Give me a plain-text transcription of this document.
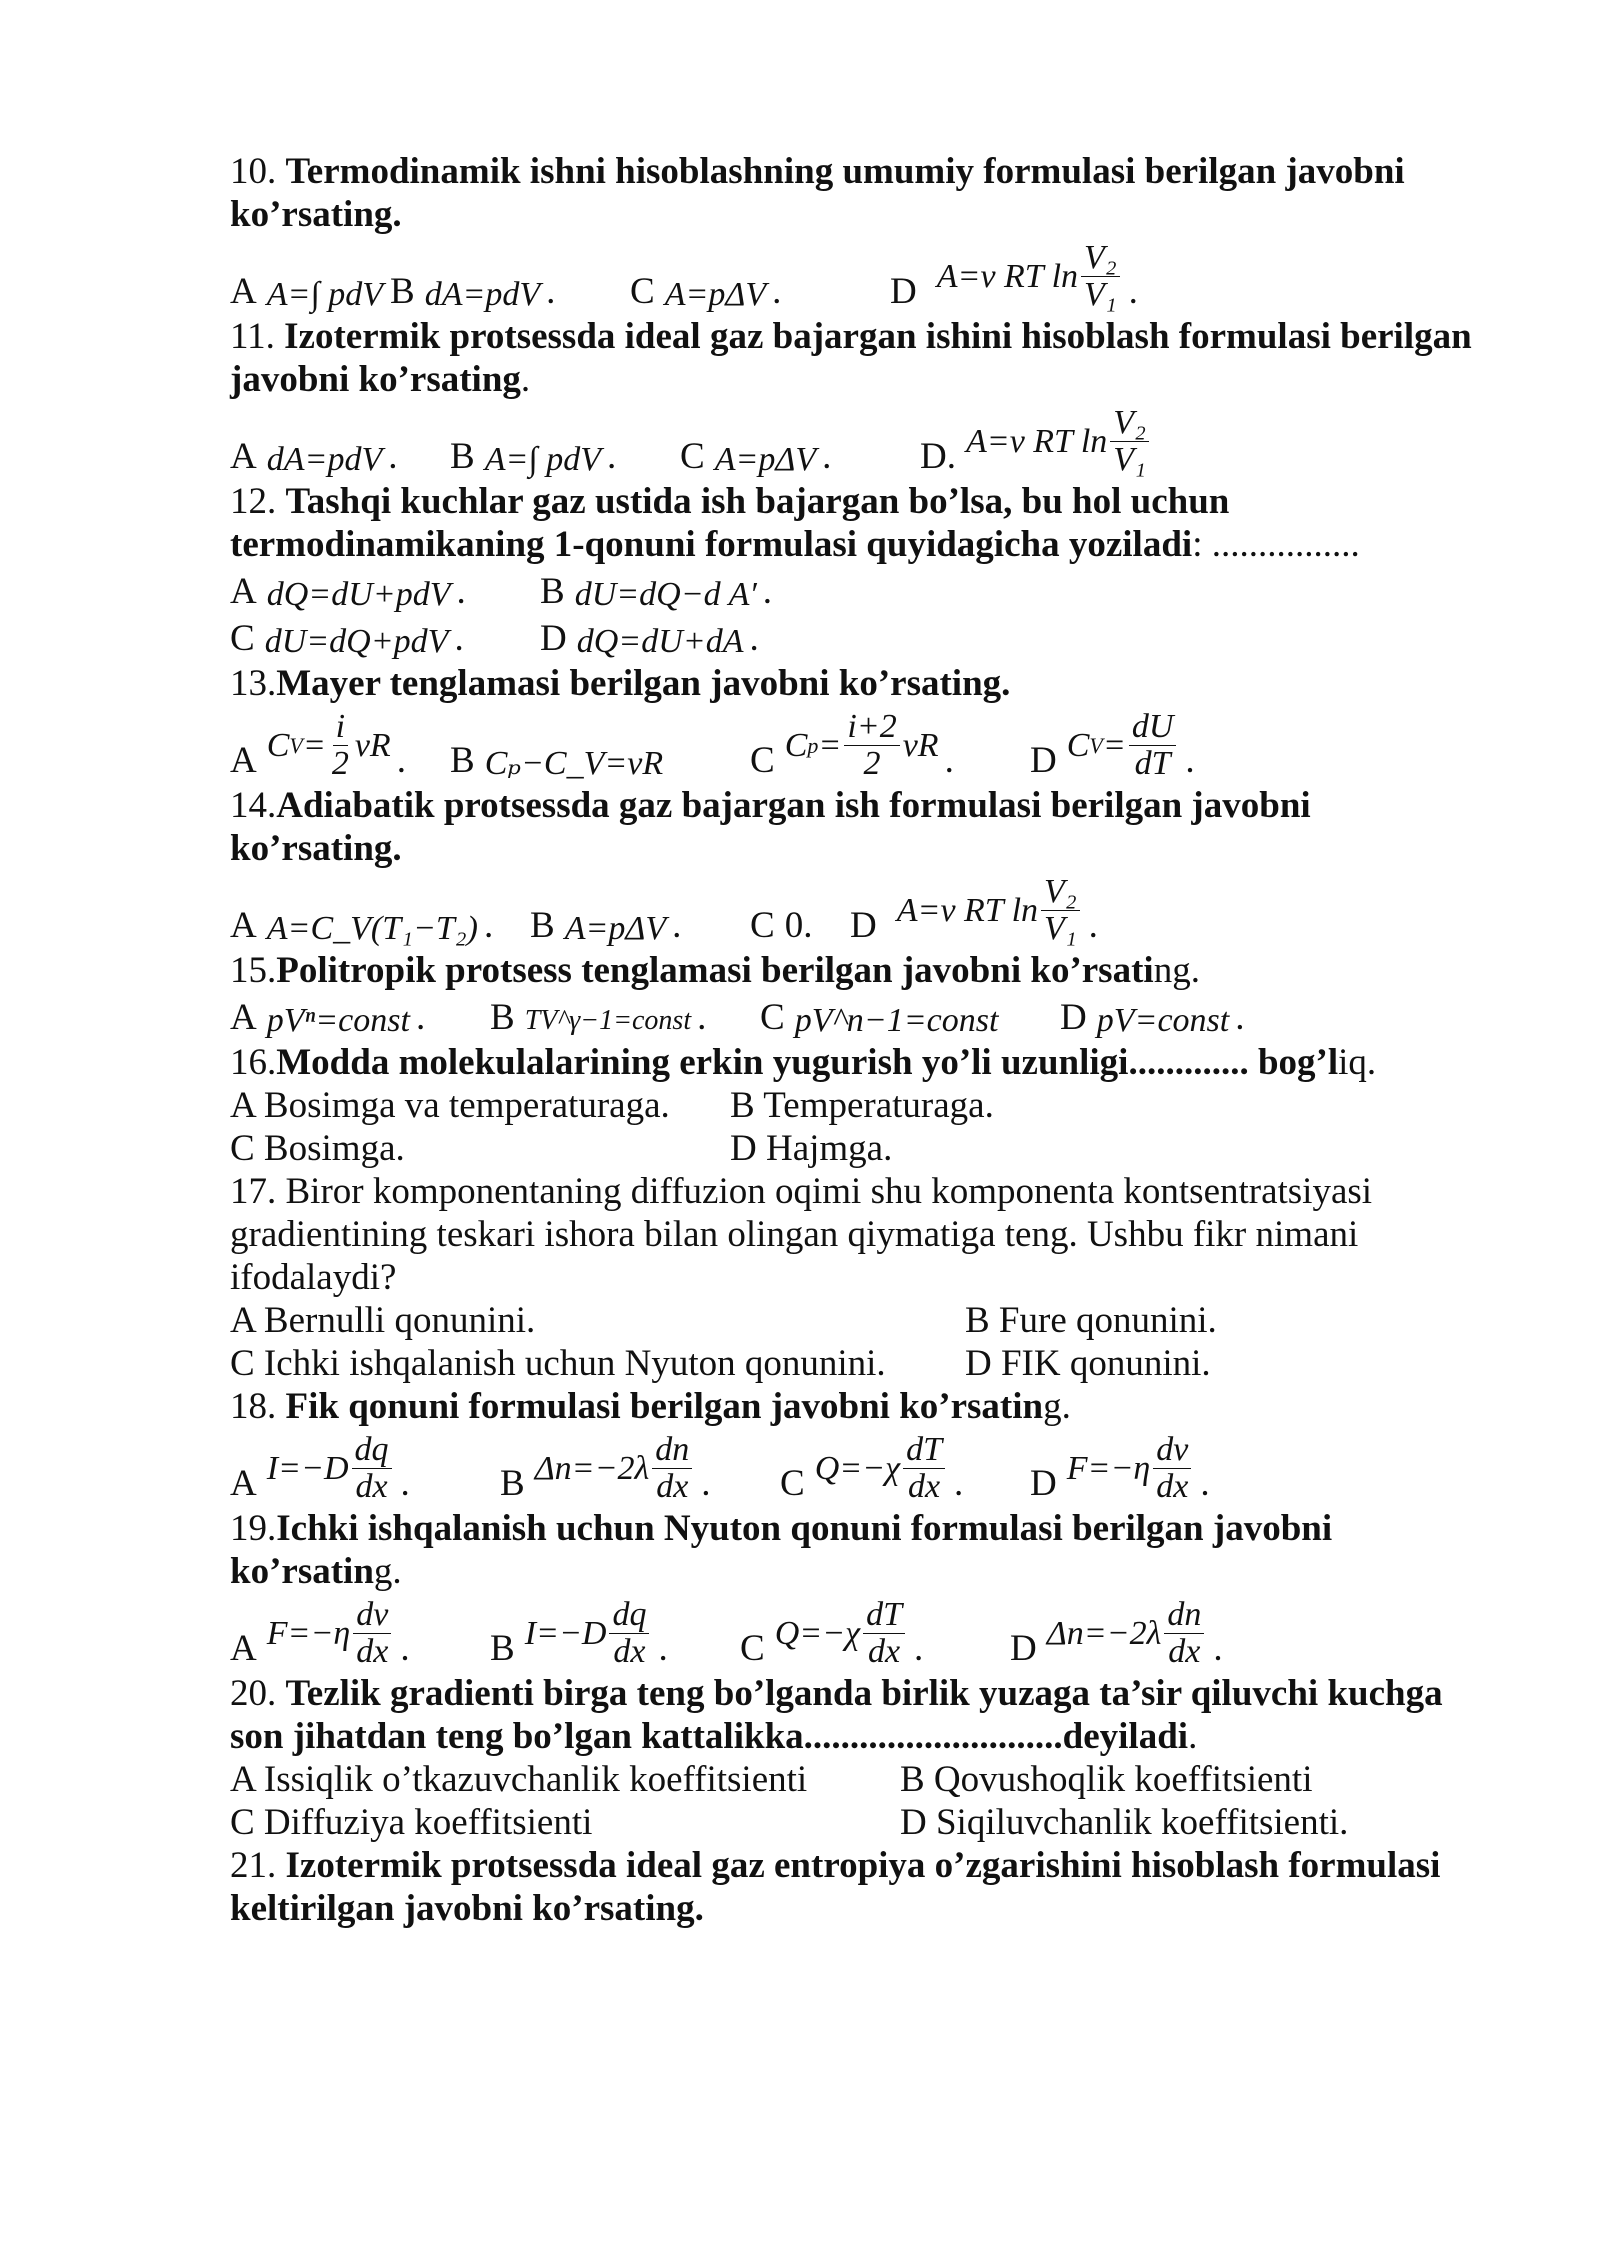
10. Termodinamik ishni hisoblashning umumiy formulasi berilgan javobni ko’rsating.

A A=∫ pdV B dA=pdV . C A=pΔV .	D A=ν RT $\ln \frac{\text{V₂}}{\text{V₁}}$ .

11. Izotermik protsessda ideal gaz bajargan ishini hisoblash formulasi berilgan javobni ko’rsating.

A dA=pdV . B A=∫ pdV . C A=pΔV . D. A=ν RT $\ln \frac{\text{V₂}}{\text{V₁}}$

12. Tashqi kuchlar gaz ustida ish bajargan bo’lsa, bu hol uchun termodinamikaning 1-qonuni formulasi quyidagicha yoziladi: ................

A dQ=dU+pdV . B dU=dQ−d A′ .
C dU=dQ+pdV . D dQ=dU+dA .

13.Mayer tenglamasi berilgan javobni ko’rsating.

A C $V = \frac{i}{2}$ νR . B Cₚ−C_V=νR C C $p = \frac{i+2}{2}$ νR . D C $V = \frac{dU}{dT}$ .

14.Adiabatik protsessda gaz bajargan ish formulasi berilgan javobni ko’rsating.

A A=C_V(T₁−T₂) . B A=pΔV . C 0. D A=ν RT $\ln \frac{\text{V₂}}{\text{V₁}}$ .

15.Politropik protsess tenglamasi berilgan javobni ko’rsating.

A pVⁿ=const . B TV^γ−1=const . C pV^n−1=const D pV=const .

16.Modda molekulalarining erkin yugurish yo’li uzunligi............. bog’liq.

A Bosimga va temperaturaga.	B Temperaturaga.
C Bosimga.	D Hajmga.

17. Biror komponentaning diffuzion oqimi shu komponenta kontsentratsiyasi

gradientining teskari ishora bilan olingan qiymatiga teng. Ushbu fikr nimani

ifodalaydi?

A Bernulli qonunini.	B Fure qonunini.
C Ichki ishqalanish uchun Nyuton qonunini.	D FIK qonunini.

18. Fik qonuni formulasi berilgan javobni ko’rsating.

A $I=-D \frac{dq}{dx}$ . B $\Delta n=-2\lambda \frac{dn}{dx}$ . C $Q=-\chi \frac{dT}{dx}$ . D $F=-\eta \frac{dv}{dx}$ .

19.Ichki ishqalanish uchun Nyuton qonuni formulasi berilgan javobni ko’rsating.

A $F=-\eta \frac{dv}{dx}$ . B $I=-D \frac{dq}{dx}$ . C $Q=-\chi \frac{dT}{dx}$ . D $\Delta n=-2\lambda \frac{dn}{dx}$ .

20. Tezlik gradienti birga teng bo’lganda birlik yuzaga ta’sir qiluvchi kuchga son jihatdan teng bo’lgan kattalikka............................deyiladi.

A Issiqlik o’tkazuvchanlik koeffitsienti	B Qovushoqlik koeffitsienti
C Diffuziya koeffitsienti	D Siqiluvchanlik koeffitsienti.

21. Izotermik protsessda ideal gaz entropiya o’zgarishini hisoblash formulasi keltirilgan javobni ko’rsating.
